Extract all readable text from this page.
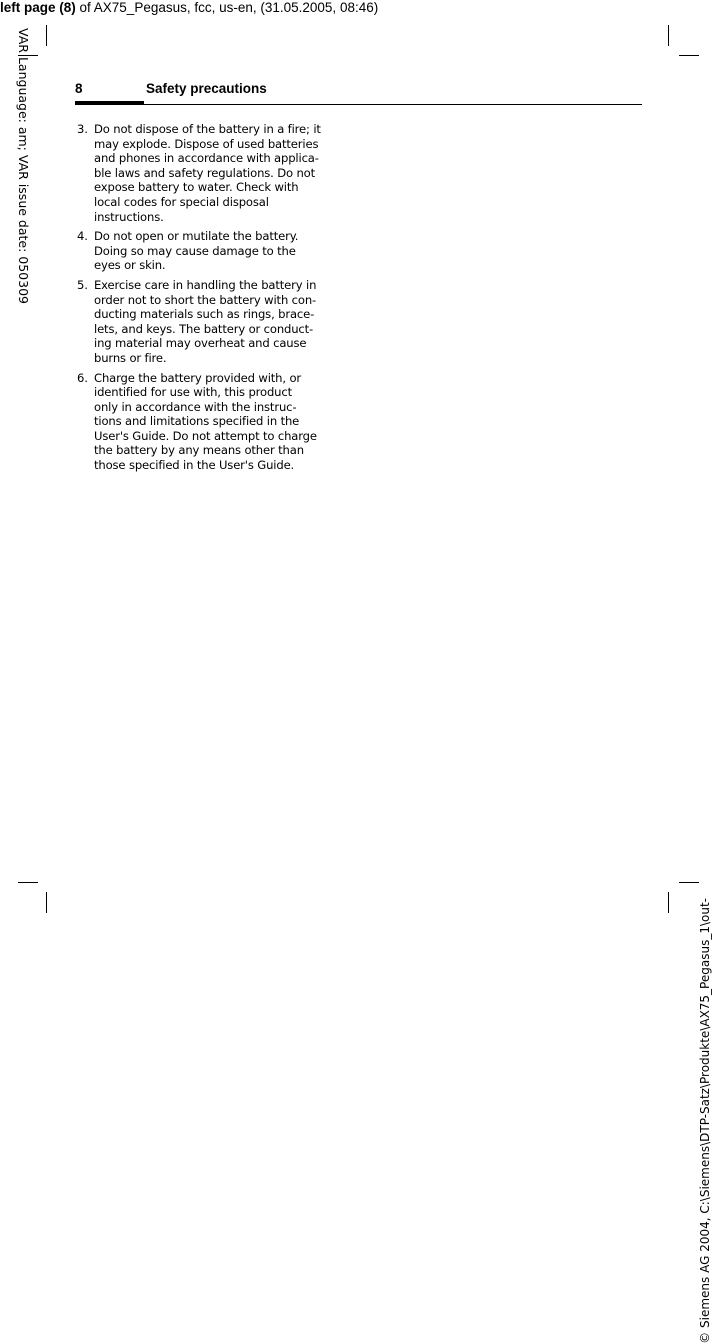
left page (8) of AX75_Pegasus, fcc, us-en, (31.05.2005, 08:46)
VAR Language: am; VAR issue date: 050309
© Siemens AG 2004, C:\Siemens\DTP-Satz\Produkte\AX75_Pegasus_1\out-
8	Safety precautions
3. Do not dispose of the battery in a fire; it
may explode. Dispose of used batteries
and phones in accordance with applica-
ble laws and safety regulations. Do not
expose battery to water. Check with
local codes for special disposal
instructions.
4. Do not open or mutilate the battery.
Doing so may cause damage to the
eyes or skin.
5. Exercise care in handling the battery in
order not to short the battery with con-
ducting materials such as rings, brace-
lets, and keys. The battery or conduct-
ing material may overheat and cause
burns or fire.
6. Charge the battery provided with, or
identified for use with, this product
only in accordance with the instruc-
tions and limitations specified in the
User's Guide. Do not attempt to charge
the battery by any means other than
those specified in the User's Guide.
